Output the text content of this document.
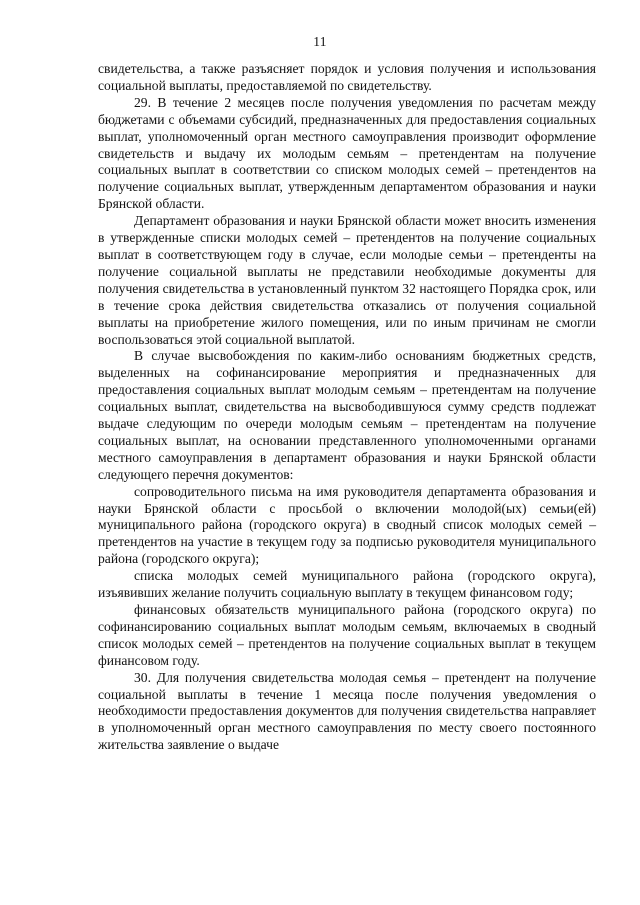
11

свидетельства, а также разъясняет порядок и условия получения и использования социальной выплаты, предоставляемой по свидетельству.

29. В течение 2 месяцев после получения уведомления по расчетам между бюджетами с объемами субсидий, предназначенных для предоставления социальных выплат, уполномоченный орган местного самоуправления производит оформление свидетельств и выдачу их молодым семьям – претендентам на получение социальных выплат в соответствии со списком молодых семей – претендентов на получение социальных выплат, утвержденным департаментом образования и науки Брянской области.

Департамент образования и науки Брянской области может вносить изменения в утвержденные списки молодых семей – претендентов на получение социальных выплат в соответствующем году в случае, если молодые семьи – претенденты на получение социальной выплаты не представили необходимые документы для получения свидетельства в установленный пунктом 32 настоящего Порядка срок, или в течение срока действия свидетельства отказались от получения социальной выплаты на приобретение жилого помещения, или по иным причинам не смогли воспользоваться этой социальной выплатой.

В случае высвобождения по каким-либо основаниям бюджетных средств, выделенных на софинансирование мероприятия и предназначенных для предоставления социальных выплат молодым семьям – претендентам на получение социальных выплат, свидетельства на высвободившуюся сумму средств подлежат выдаче следующим по очереди молодым семьям – претендентам на получение социальных выплат, на основании представленного уполномоченными органами местного самоуправления в департамент образования и науки Брянской области следующего перечня документов:

сопроводительного письма на имя руководителя департамента образования и науки Брянской области с просьбой о включении молодой(ых) семьи(ей) муниципального района (городского округа) в сводный список молодых семей – претендентов на участие в текущем году за подписью руководителя муниципального района (городского округа);

списка молодых семей муниципального района (городского округа), изъявивших желание получить социальную выплату в текущем финансовом году;

финансовых обязательств муниципального района (городского округа) по софинансированию социальных выплат молодым семьям, включаемых в сводный список молодых семей – претендентов на получение социальных выплат в текущем финансовом году.

30. Для получения свидетельства молодая семья – претендент на получение социальной выплаты в течение 1 месяца после получения уведомления о необходимости предоставления документов для получения свидетельства направляет в уполномоченный орган местного самоуправления по месту своего постоянного жительства заявление о выдаче
